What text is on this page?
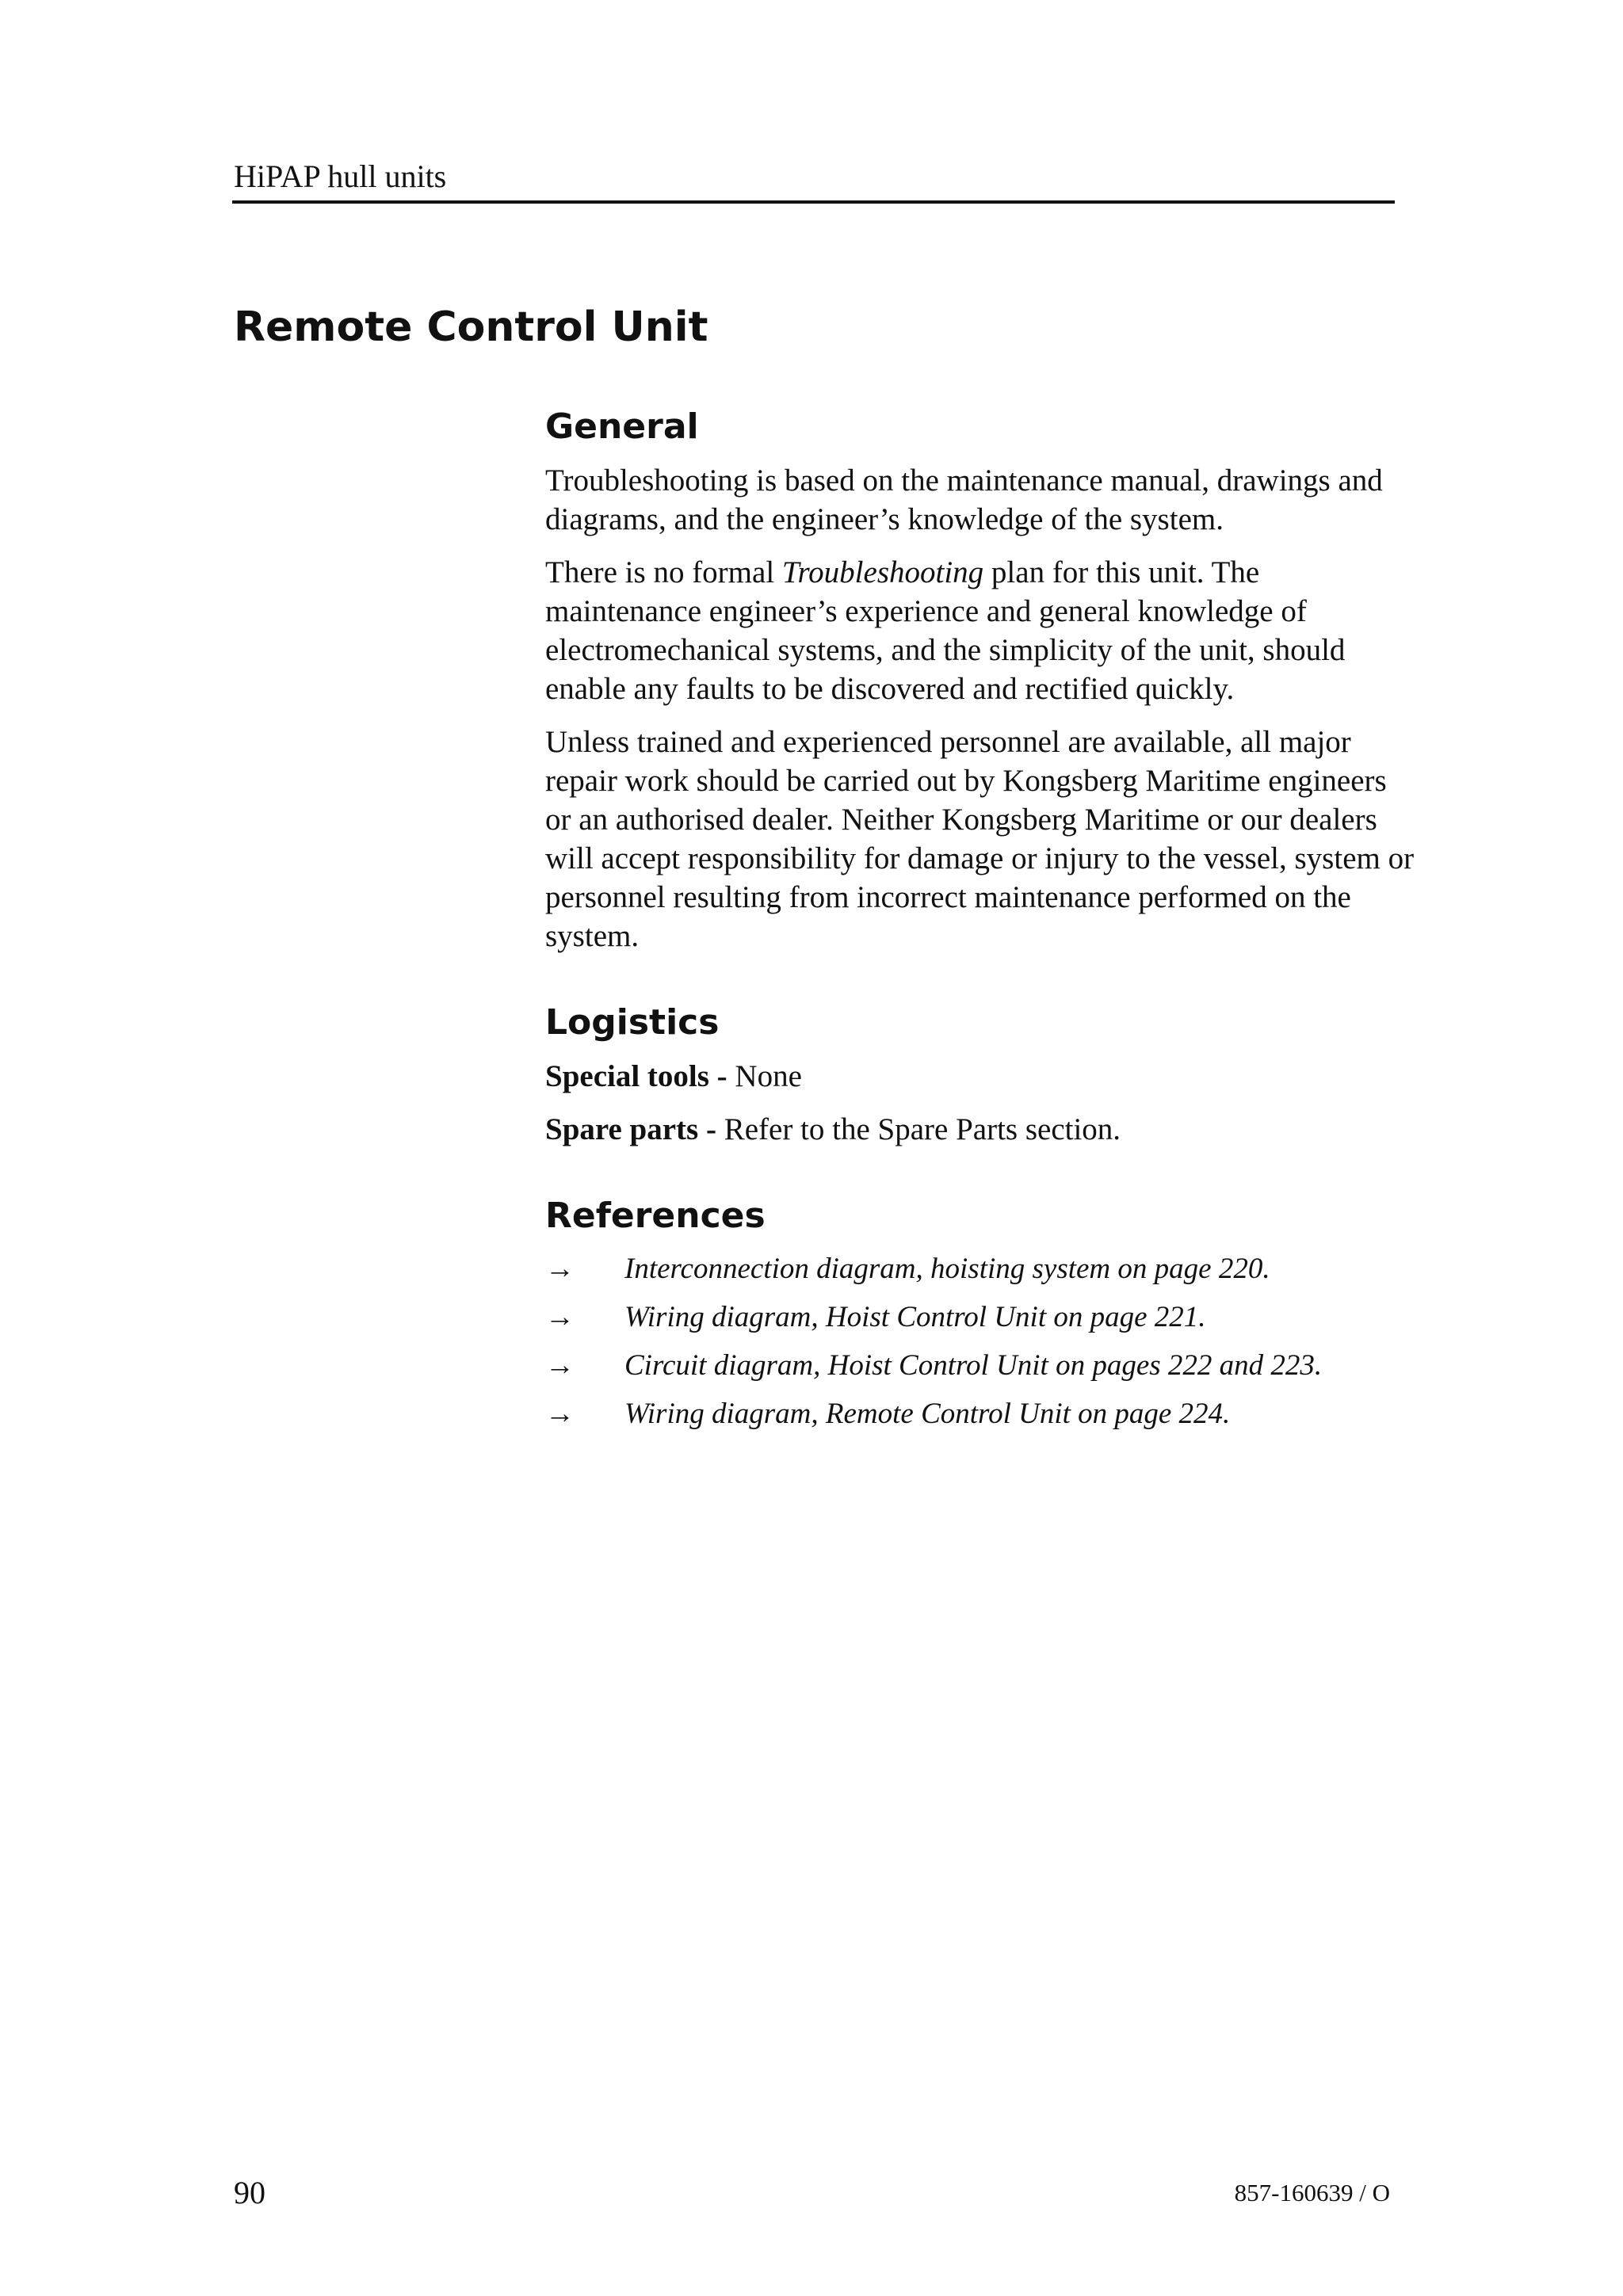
HiPAP hull units
Remote Control Unit
General

Troubleshooting is based on the maintenance manual, drawings and diagrams, and the engineer’s knowledge of the system.

There is no formal Troubleshooting plan for this unit. The maintenance engineer’s experience and general knowledge of electromechanical systems, and the simplicity of the unit, should enable any faults to be discovered and rectified quickly.

Unless trained and experienced personnel are available, all major repair work should be carried out by Kongsberg Maritime engineers or an authorised dealer. Neither Kongsberg Maritime or our dealers will accept responsibility for damage or injury to the vessel, system or personnel resulting from incorrect maintenance performed on the system.

Logistics

Special tools - None

Spare parts - Refer to the Spare Parts section.

References
→	Interconnection diagram, hoisting system on page 220.
→	Wiring diagram, Hoist Control Unit on page 221.
→	Circuit diagram, Hoist Control Unit on pages 222 and 223.
→	Wiring diagram, Remote Control Unit on page 224.
90	857-160639 / O
